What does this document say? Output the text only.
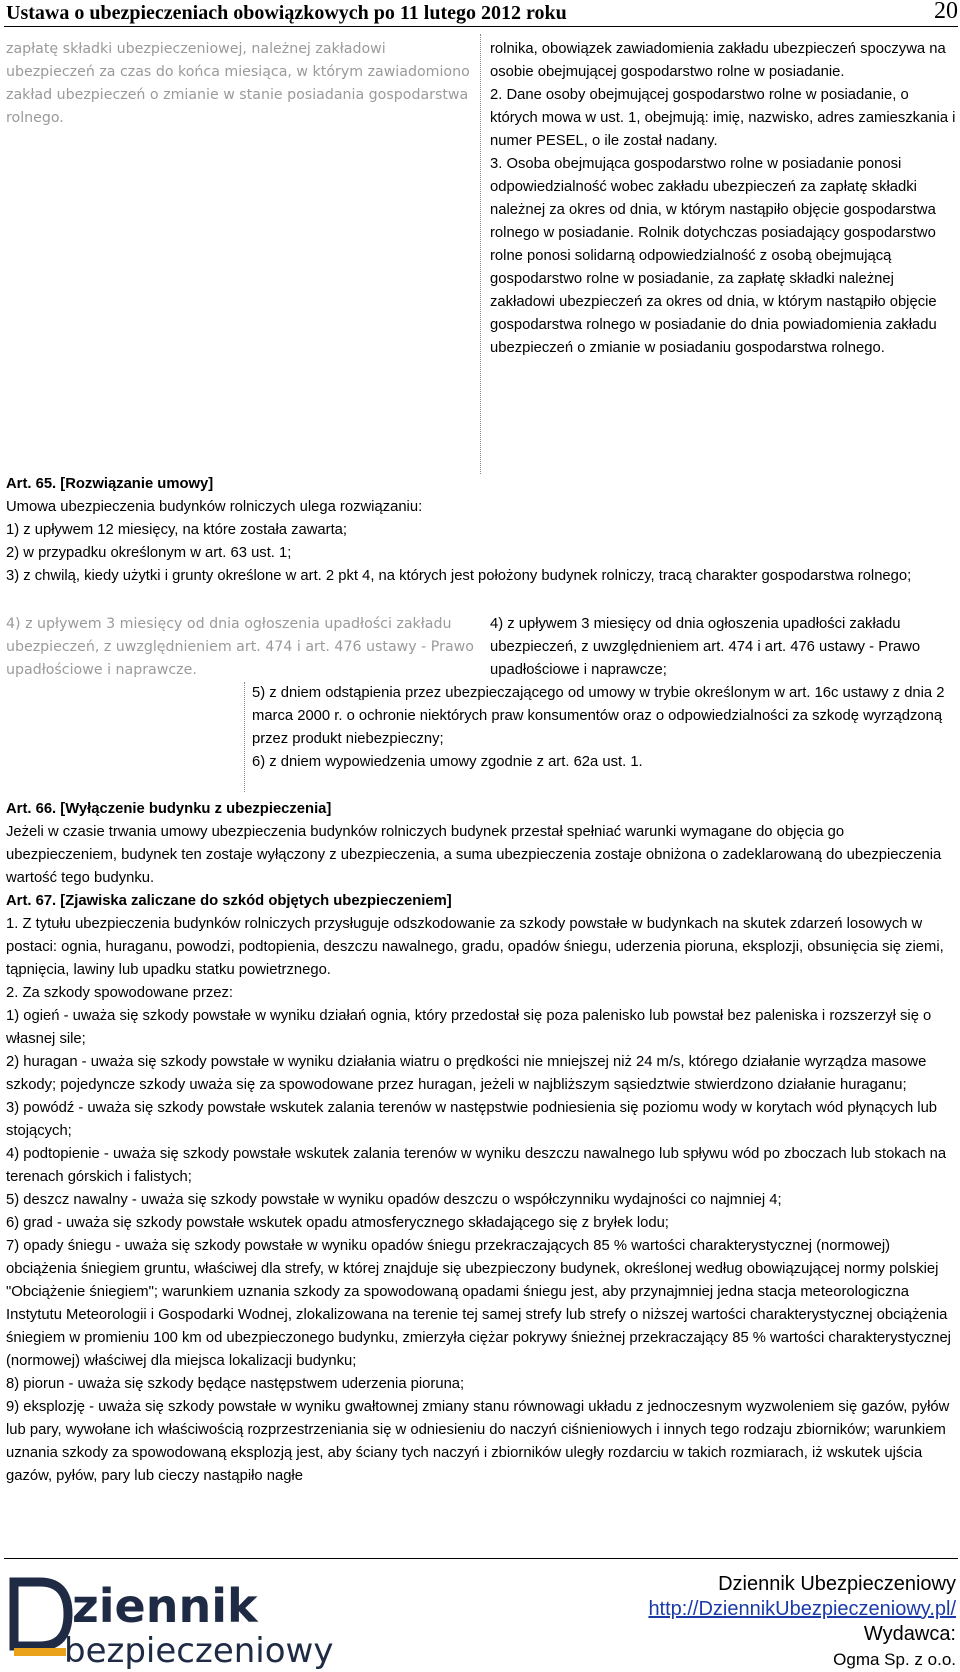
Ustawa o ubezpieczeniach obowiązkowych po 11 lutego 2012 roku	20

zapłatę składki ubezpieczeniowej, należnej zakładowi ubezpieczeń za czas do końca miesiąca, w którym zawiadomiono zakład ubezpieczeń o zmianie w stanie posiadania gospodarstwa rolnego.

rolnika, obowiązek zawiadomienia zakładu ubezpieczeń spoczywa na osobie obejmującej gospodarstwo rolne w posiadanie.

2. Dane osoby obejmującej gospodarstwo rolne w posiadanie, o których mowa w ust. 1, obejmują: imię, nazwisko, adres zamieszkania i numer PESEL, o ile został nadany.

3. Osoba obejmująca gospodarstwo rolne w posiadanie ponosi odpowiedzialność wobec zakładu ubezpieczeń za zapłatę składki należnej za okres od dnia, w którym nastąpiło objęcie gospodarstwa rolnego w posiadanie. Rolnik dotychczas posiadający gospodarstwo rolne ponosi solidarną odpowiedzialność z osobą obejmującą gospodarstwo rolne w posiadanie, za zapłatę składki należnej zakładowi ubezpieczeń za okres od dnia, w którym nastąpiło objęcie gospodarstwa rolnego w posiadanie do dnia powiadomienia zakładu ubezpieczeń o zmianie w posiadaniu gospodarstwa rolnego.

Art. 65. [Rozwiązanie umowy]

Umowa ubezpieczenia budynków rolniczych ulega rozwiązaniu:

1) z upływem 12 miesięcy, na które została zawarta;

2) w przypadku określonym w art. 63 ust. 1;

3) z chwilą, kiedy użytki i grunty określone w art. 2 pkt 4, na których jest położony budynek rolniczy, tracą charakter gospodarstwa rolnego;

4) z upływem 3 miesięcy od dnia ogłoszenia upadłości zakładu ubezpieczeń, z uwzględnieniem art. 474 i art. 476 ustawy - Prawo upadłościowe i naprawcze.

4) z upływem 3 miesięcy od dnia ogłoszenia upadłości zakładu ubezpieczeń, z uwzględnieniem art. 474 i art. 476 ustawy - Prawo upadłościowe i naprawcze;

5) z dniem odstąpienia przez ubezpieczającego od umowy w trybie określonym w art. 16c ustawy z dnia 2 marca 2000 r. o ochronie niektórych praw konsumentów oraz o odpowiedzialności za szkodę wyrządzoną przez produkt niebezpieczny;

6) z dniem wypowiedzenia umowy zgodnie z art. 62a ust. 1.

Art. 66. [Wyłączenie budynku z ubezpieczenia]

Jeżeli w czasie trwania umowy ubezpieczenia budynków rolniczych budynek przestał spełniać warunki wymagane do objęcia go ubezpieczeniem, budynek ten zostaje wyłączony z ubezpieczenia, a suma ubezpieczenia zostaje obniżona o zadeklarowaną do ubezpieczenia wartość tego budynku.

Art. 67. [Zjawiska zaliczane do szkód objętych ubezpieczeniem]

1. Z tytułu ubezpieczenia budynków rolniczych przysługuje odszkodowanie za szkody powstałe w budynkach na skutek zdarzeń losowych w postaci: ognia, huraganu, powodzi, podtopienia, deszczu nawalnego, gradu, opadów śniegu, uderzenia pioruna, eksplozji, obsunięcia się ziemi, tąpnięcia, lawiny lub upadku statku powietrznego.

2. Za szkody spowodowane przez:

1) ogień - uważa się szkody powstałe w wyniku działań ognia, który przedostał się poza palenisko lub powstał bez paleniska i rozszerzył się o własnej sile;

2) huragan - uważa się szkody powstałe w wyniku działania wiatru o prędkości nie mniejszej niż 24 m/s, którego działanie wyrządza masowe szkody; pojedyncze szkody uważa się za spowodowane przez huragan, jeżeli w najbliższym sąsiedztwie stwierdzono działanie huraganu;

3) powódź - uważa się szkody powstałe wskutek zalania terenów w następstwie podniesienia się poziomu wody w korytach wód płynących lub stojących;

4) podtopienie - uważa się szkody powstałe wskutek zalania terenów w wyniku deszczu nawalnego lub spływu wód po zboczach lub stokach na terenach górskich i falistych;

5) deszcz nawalny - uważa się szkody powstałe w wyniku opadów deszczu o współczynniku wydajności co najmniej 4;

6) grad - uważa się szkody powstałe wskutek opadu atmosferycznego składającego się z bryłek lodu;

7) opady śniegu - uważa się szkody powstałe w wyniku opadów śniegu przekraczających 85 % wartości charakterystycznej (normowej) obciążenia śniegiem gruntu, właściwej dla strefy, w której znajduje się ubezpieczony budynek, określonej według obowiązującej normy polskiej "Obciążenie śniegiem"; warunkiem uznania szkody za spowodowaną opadami śniegu jest, aby przynajmniej jedna stacja meteorologiczna Instytutu Meteorologii i Gospodarki Wodnej, zlokalizowana na terenie tej samej strefy lub strefy o niższej wartości charakterystycznej obciążenia śniegiem w promieniu 100 km od ubezpieczonego budynku, zmierzyła ciężar pokrywy śnieżnej przekraczający 85 % wartości charakterystycznej (normowej) właściwej dla miejsca lokalizacji budynku;

8) piorun - uważa się szkody będące następstwem uderzenia pioruna;

9) eksplozję - uważa się szkody powstałe w wyniku gwałtownej zmiany stanu równowagi układu z jednoczesnym wyzwoleniem się gazów, pyłów lub pary, wywołane ich właściwością rozprzestrzeniania się w odniesieniu do naczyń ciśnieniowych i innych tego rodzaju zbiorników; warunkiem uznania szkody za spowodowaną eksplozją jest, aby ściany tych naczyń i zbiorników uległy rozdarciu w takich rozmiarach, iż wskutek ujścia gazów, pyłów, pary lub cieczy nastąpiło nagłe

ziennik
bezpieczeniowy
Dziennik Ubezpieczeniowy
http://DziennikUbezpieczeniowy.pl/
Wydawca:
Ogma Sp. z o.o.
